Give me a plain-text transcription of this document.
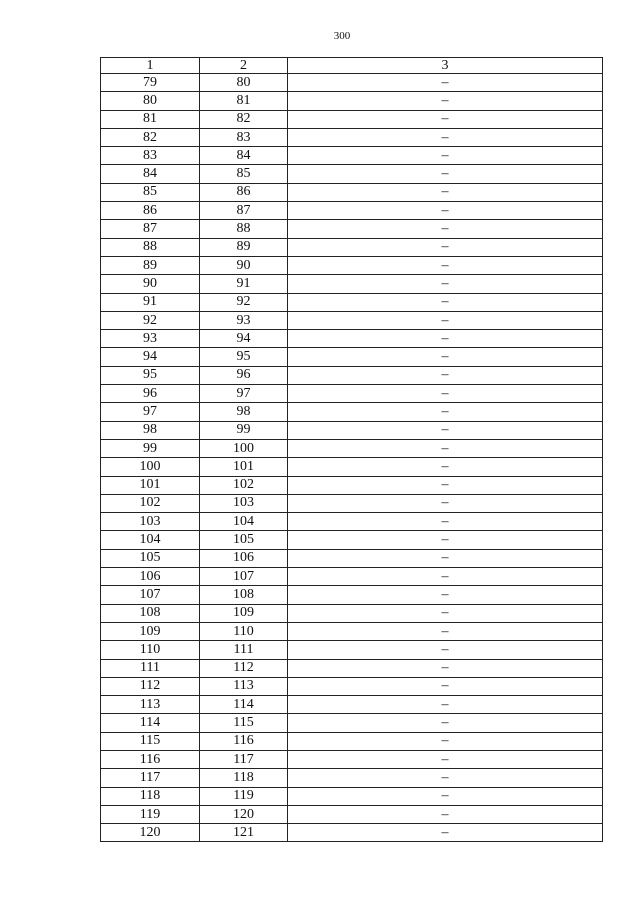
300
1	2	3
79	80	–
80	81	–
81	82	–
82	83	–
83	84	–
84	85	–
85	86	–
86	87	–
87	88	–
88	89	–
89	90	–
90	91	–
91	92	–
92	93	–
93	94	–
94	95	–
95	96	–
96	97	–
97	98	–
98	99	–
99	100	–
100	101	–
101	102	–
102	103	–
103	104	–
104	105	–
105	106	–
106	107	–
107	108	–
108	109	–
109	110	–
110	111	–
111	112	–
112	113	–
113	114	–
114	115	–
115	116	–
116	117	–
117	118	–
118	119	–
119	120	–
120	121	–
